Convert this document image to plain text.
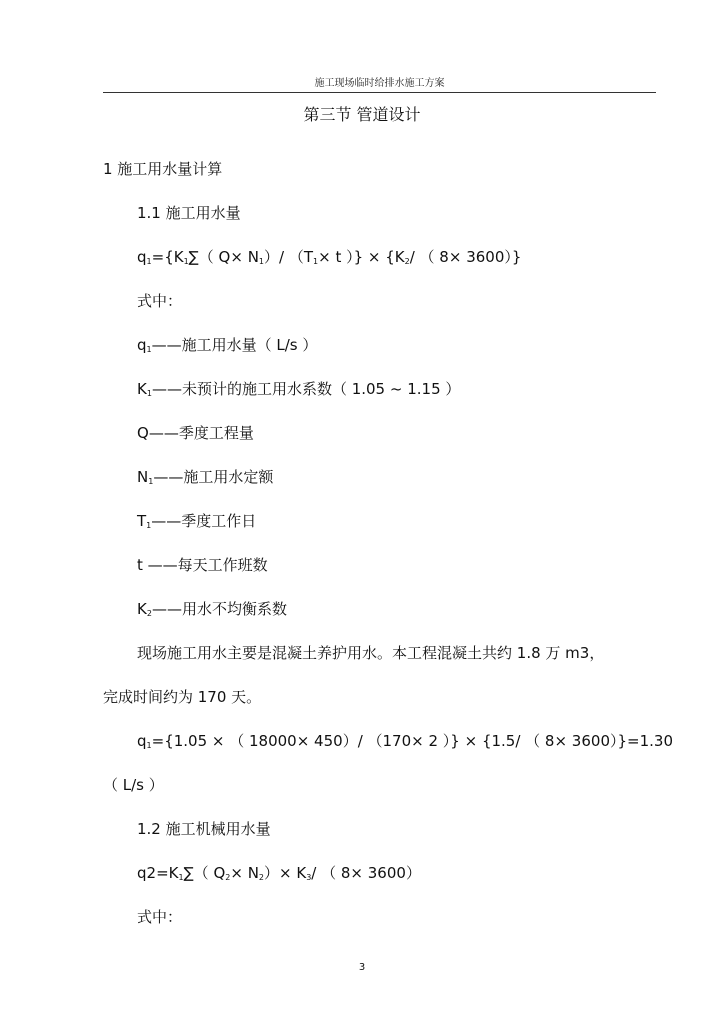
施工现场临时给排水施工方案
第三节 管道设计
1 施工用水量计算
1.1 施工用水量
$q_1=\{K_1\sum$（ $Q\times N_1)/$ （$T_1\times t$ ）} × {$K_2/$ （ 8× 3600）}
式中：
$q_1——$施工用水量（ L/s ）
$K_1——$未预计的施工用水系数（ 1.05 ~ 1.15 ）
Q——季度工程量
$N_1——$施工用水定额
$T_1——$季度工作日
t ——每天工作班数
$K_2——$用水不均衡系数
现场施工用水主要是混凝土养护用水。本工程混凝土共约 1.8 万 m3，
完成时间约为 170 天。
$q_1=\{1.05$ × （ 18000× 450）/ （170× 2 ）} × {1.5/ （ 8× 3600）}=1.30
（ L/s ）
1.2 施工机械用水量
$q2=K_1\sum$（ $Q_2\times N_2)\times K_3/$ （ 8× 3600）
式中：
3
